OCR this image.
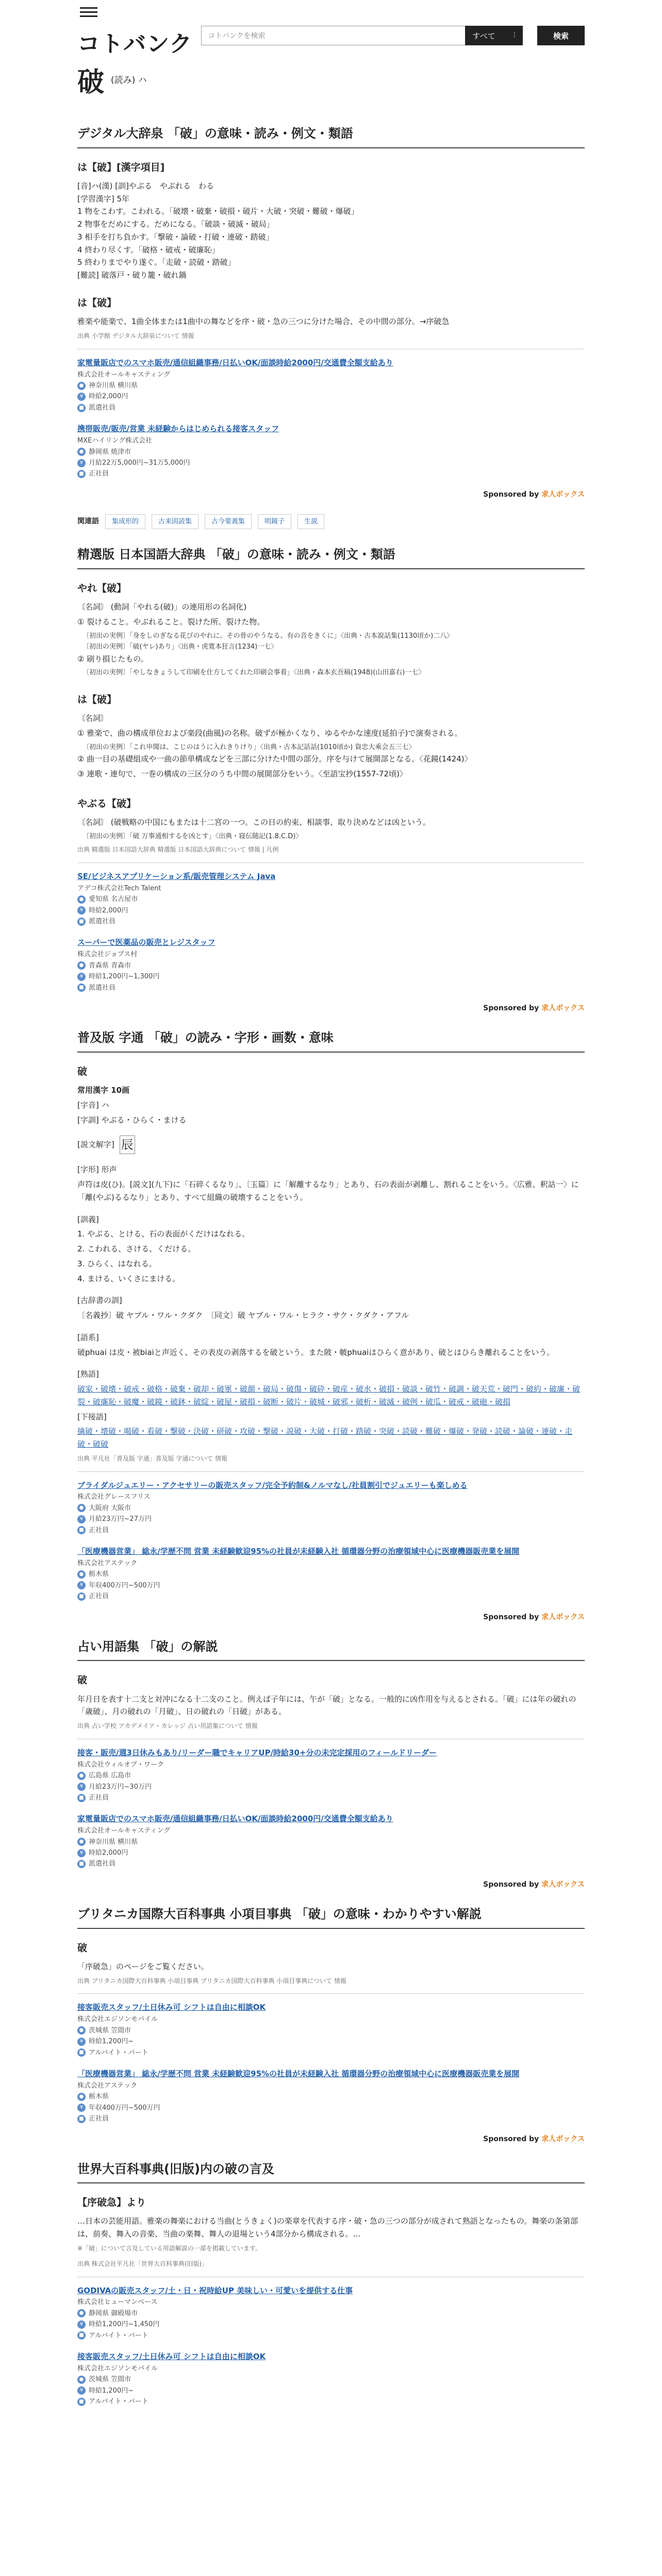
コトバンク	コトバンクを検索	すべて	⋮	検索
破 (読み) ハ
デジタル大辞泉 「破」の意味・読み・例文・類語
は【破】[漢字項目]
[音]ハ(漢) [訓]やぶる　やぶれる　わる
[学習漢字] 5年
1 物をこわす。こわれる。「破壊・破棄・破損・破片・大破・突破・難破・爆破」
2 物事をだめにする。だめになる。「破談・破滅・破局」
3 相手を打ち負かす。「撃破・論破・打破・連破・踏破」
4 終わり尽くす。「破格・破戒・破廉恥」
5 終わりまでやり遂ぐ。「走破・読破・踏破」
[難読] 破落戸・破り籠・破れ鍋
は【破】
雅楽や能楽で、1曲全体または1曲中の舞などを序・破・急の三つに分けた場合、その中間の部分。→序破急
出典 小学館 デジタル大辞泉について 情報
家電量販店でのスマホ販売/通信組織事務/日払いOK/面談時給2000円/交通費全額支給あり
株式会社オールキャスティング
● 神奈川県 横川県
¥ 時給2,000円
■ 派遣社員
携帯販売/販売/営業 未経験からはじめられる接客スタッフ
MXEハイリング株式会社
● 静岡県 焼津市
¥ 月給22万5,000円~31万5,000円
■ 正社員
Sponsored by 求人ボックス
関連語	集成形的	古来固読集	古今要義集	明鏡子	生説
精選版 日本国語大辞典 「破」の意味・読み・例文・類語
やれ【破】
〘名詞〙 (動詞「やれる(破)」の連用形の名詞化)
① 裂けること。やぶれること。裂けた所。裂けた物。
〔初出の実例〕「身をしのぎなる花びのやれに。その骨のやうなる、有の音をきくに」〈出典・古本說話集(1130頃か)二八〉
〔初出の実例〕「破(ヤレ)あり」〈出典・虎寛本狂言(1234)一七〉
② 刷り損じたもの。
〔初出の実例〕「やしなきょうして印刷を仕方してくれた印刷会事着」〈出典・森本玄吾稿(1948)(山田嘉右)一七〉
は【破】
〘名詞〙
① 雅楽で、曲の構成単位および楽段(曲風)の名称。破ずが極かくなり、ゆるやかな速度(延拍子)で演奏される。
〔初出の実例〕「これ申聞は、こじのはうに入れきりけり」〈出典・古本記話話(1010頃か) 資忠大乘会五三七〉
② 曲一目の基礎組成や一曲の節単構成などを三部に分けた中間の部分。序を与けて展開部となる。〈花鏡(1424)〉
③ 連歌・連句で、一巻の構成の三区分のうち中間の展開部分をいう。〈至語宝抄(1557-72頃)〉
やぶる【破】
〘名詞〙 (破戦略の中国にもまたは十二宮の一つ。この日の約束、相談事、取り決めなどは凶という。
〔初出の実例〕「破 万事通相するを凶とす」〈出典・寝伝随記(1.8.C.D)〉
出典 精選版 日本国語大辞典 精選版 日本国語大辞典について 情報 | 凡例
SE/ビジネスアプリケーション系/販売管理システム Java
アデコ株式会社Tech Talent
● 愛知県 名古屋市
¥ 時給2,000円
■ 派遣社員
スーパーで医薬品の販売とレジスタッフ
株式会社ジョブス村
● 青森県 青森市
¥ 時給1,200円~1,300円
■ 派遣社員
Sponsored by 求人ボックス
普及版 字通 「破」の読み・字形・画数・意味
破
常用漢字 10画
[字音] ハ
[字訓] やぶる・ひらく・まける
[説文解字] ⾠
[字形] 形声
声符は皮(ひ)。[説文](九下)に「石碎くるなり」、〔玉篇〕に「解離するなり」とあり、石の表面が剥離し、割れることをいう。〈広雅、釈詁一〉に「離(やぶ)るるなり」とあり、すべて組織の破壊することをいう。
[訓義]
1. やぶる、とける、石の表面がくだけはなれる。
2. こわれる、さける、くだける。
3. ひらく、はなれる。
4. まける、いくさにまける。
[古辞書の訓]
〔名義抄〕破 ヤブル・ワル・クダク　〔同文〕破 ヤブル・ワル・ヒラク・サク・クダク・アフル
[語系]
破phuai は皮・被biaiと声近く、その表皮の剥落するを破という。また陂・帔phuaiはひらく意があり、破とはひらき離れることをいう。
[熟語]
破家・破壊・破戒・破格・破棄・破却・破軍・破顔・破局・破傷・破砕・破産・破水・破損・破談・破竹・破調・破天荒・破門・破約・破廉・破裂・破廉恥・破魔・破鏡・破鉢・破綻・破屋・破損・破断・破片・破城・破邪・破析・破滅・破例・破瓜・破戒・破砲・破損
[下接語]
擒破・壊破・喝破・看破・撃破・決破・研破・攻破・撃破・説破・大破・打破・踏破・突破・読破・難破・爆破・発破・読破・論破・連破・走破・破破
出典 平凡社「普及版 字通」普及版 字通について 情報
ブライダルジュエリー・アクセサリーの販売スタッフ/完全予約制&ノルマなし/社員割引でジュエリーも楽しめる
株式会社グレースフリス
● 大阪府 大阪市
¥ 月給23万円~27万円
■ 正社員
「医療機器営業」 総永/学歴不問 営業 未経験歓迎95%の社員が未経験入社 循環器分野の治療領域中心に医療機器販売業を展開
株式会社アステック
● 栃木県
¥ 年収400万円~500万円
■ 正社員
Sponsored by 求人ボックス
占い用語集 「破」の解説
破
年月日を表す十二支と対冲になる十二支のこと。例えば子年には、午が「破」となる。一般的に凶作用を与えるとされる。「破」には年の破れの「歳破」、月の破れの「月破」、日の破れの「日破」がある。
出典 占い学校 アカデメイア・カレッジ 占い用語集について 情報
接客・販売/週3日休みもあり/リーダー職でキャリアUP/時給30+分の未完定採用のフィールドリーダー
株式会社ウィルオブ・ワーク
● 広島県 広島市
¥ 月給23万円~30万円
■ 正社員
家電量販店でのスマホ販売/通信組織事務/日払いOK/面談時給2000円/交通費全額支給あり
株式会社オールキャスティング
● 神奈川県 横川県
¥ 時給2,000円
■ 派遣社員
Sponsored by 求人ボックス
ブリタニカ国際大百科事典 小項目事典 「破」の意味・わかりやすい解説
破
「序破急」のページをご覧ください。
出典 ブリタニカ国際大百科事典 小項目事典 ブリタニカ国際大百科事典 小項目事典について 情報
接客販売スタッフ/土日休み可 シフトは自由に相談OK
株式会社エジソンモバイル
● 茨城県 笠間市
¥ 時給1,200円~
■ アルバイト・パート
「医療機器営業」 総永/学歴不問 営業 未経験歓迎95%の社員が未経験入社 循環器分野の治療領域中心に医療機器販売業を展開
株式会社アステック
● 栃木県
¥ 年収400万円~500万円
■ 正社員
Sponsored by 求人ボックス
世界大百科事典(旧版)内の破の言及
【序破急】より
…日本の芸能用語。雅楽の舞楽における当曲(とうきょく)の楽章を代表する序・破・急の三つの部分が成されて熟語となったもの。舞楽の条第部は、前奏、舞入の音楽、当曲の楽舞、舞人の退場という4部分から構成される。…
※「破」について言及している用語解説の一部を掲載しています。
出典 株式会社平凡社「世界大百科事典(旧版)」
GODIVAの販売スタッフ/土・日・祝時給UP 美味しい・可愛いを提供する仕事
株式会社ヒューマンベース
● 静岡県 御殿場市
¥ 時給1,200円~1,450円
■ アルバイト・パート
接客販売スタッフ/土日休み可 シフトは自由に相談OK
株式会社エジソンモバイル
● 茨城県 笠間市
¥ 時給1,200円~
■ アルバイト・パート
